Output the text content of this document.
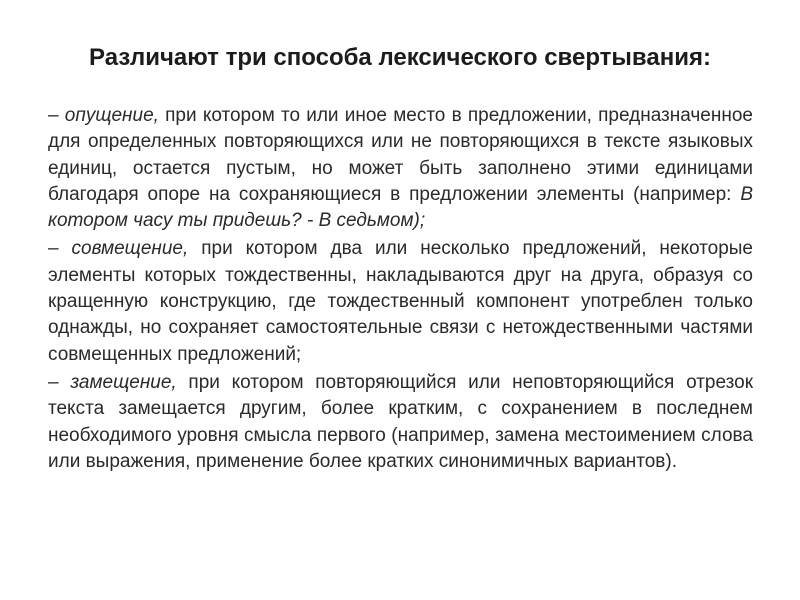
Различают три способа лексического свертывания:
– опущение, при котором то или иное место в предложении, предназначенное для определенных повторяющихся или не повторяющихся в тексте языковых единиц, остается пустым, но может быть заполнено этими единицами благодаря опоре на сохраняющиеся в предложении элементы (например: В котором часу ты придешь? - В седьмом);
– совмещение, при котором два или несколько предложений, некоторые элементы которых тождественны, накладываются друг на друга, образуя со кращенную конструкцию, где тождественный компонент употреблен только однажды, но сохраняет самостоятельные связи с нетождественными частями совмещенных предложений;
– замещение, при котором повторяющийся или неповторяющийся отрезок текста замещается другим, более кратким, с сохранением в последнем необходимого уровня смысла первого (например, замена местоимением слова или выражения, применение более кратких синонимичных вариантов).
